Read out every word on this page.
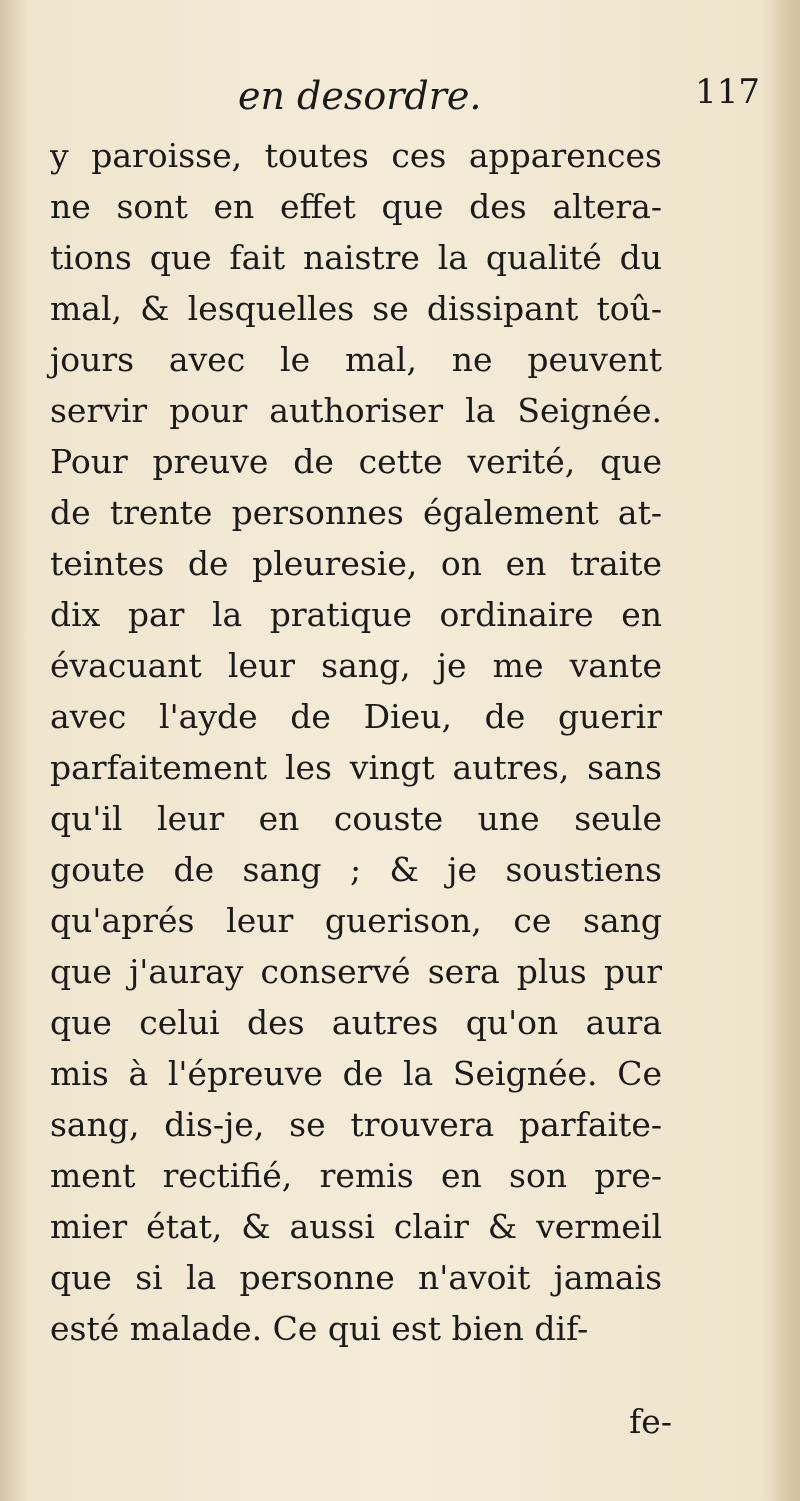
en desordre.	117
y paroisse, toutes ces apparences
ne sont en effet que des altera-
tions que fait naistre la qualité du
mal, & lesquelles se dissipant toû-
jours avec le mal, ne peuvent
servir pour authoriser la Seignée.
Pour preuve de cette verité, que
de trente personnes également at-
teintes de pleuresie, on en traite
dix par la pratique ordinaire en
évacuant leur sang, je me vante
avec l'ayde de Dieu, de guerir
parfaitement les vingt autres, sans
qu'il leur en couste une seule
goute de sang ; & je soustiens
qu'aprés leur guerison, ce sang
que j'auray conservé sera plus pur
que celui des autres qu'on aura
mis à l'épreuve de la Seignée. Ce
sang, dis-je, se trouvera parfaite-
ment rectifié, remis en son pre-
mier état, & aussi clair & vermeil
que si la personne n'avoit jamais
esté malade. Ce qui est bien dif-
fe-
